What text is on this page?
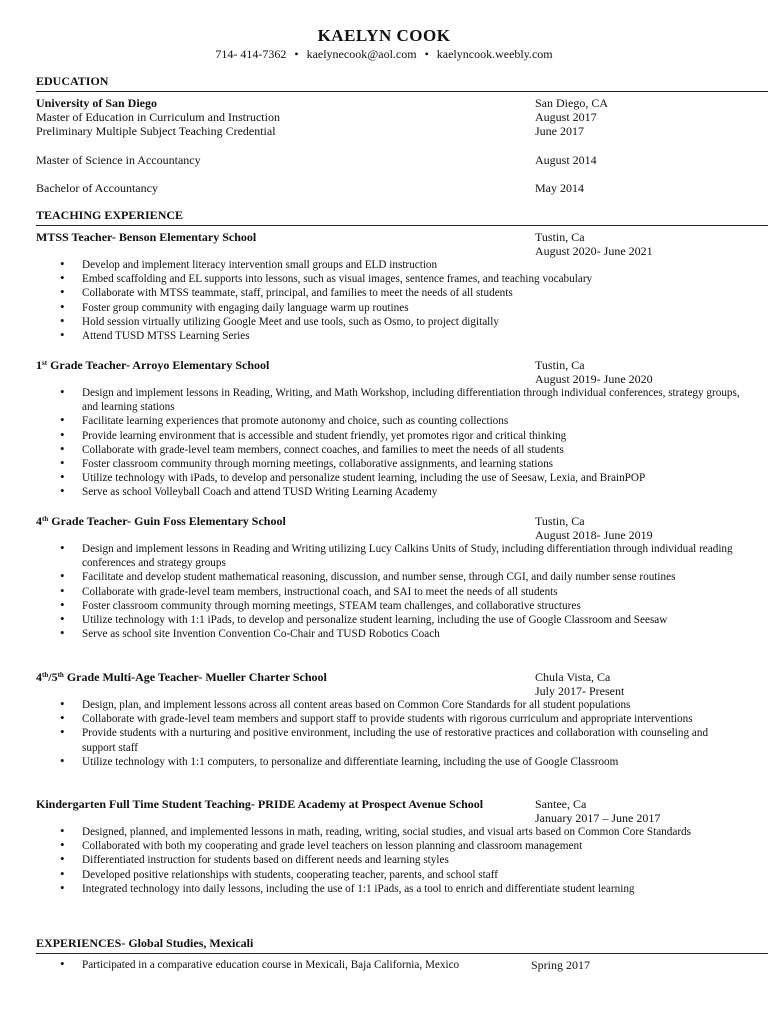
KAELYN COOK
714- 414-7362 • kaelynecook@aol.com • kaelyncook.weebly.com
EDUCATION
University of San Diego	San Diego, CA
Master of Education in Curriculum and Instruction	August 2017
Preliminary Multiple Subject Teaching Credential	June 2017
Master of Science in Accountancy	August 2014
Bachelor of Accountancy	May 2014
TEACHING EXPERIENCE
MTSS Teacher- Benson Elementary School	Tustin, Ca
August 2020- June 2021
• Develop and implement literacy intervention small groups and ELD instruction
• Embed scaffolding and EL supports into lessons, such as visual images, sentence frames, and teaching vocabulary
• Collaborate with MTSS teammate, staff, principal, and families to meet the needs of all students
• Foster group community with engaging daily language warm up routines
• Hold session virtually utilizing Google Meet and use tools, such as Osmo, to project digitally
• Attend TUSD MTSS Learning Series
1st Grade Teacher- Arroyo Elementary School	Tustin, Ca
August 2019- June 2020
• Design and implement lessons in Reading, Writing, and Math Workshop, including differentiation through individual conferences, strategy groups, and learning stations
• Facilitate learning experiences that promote autonomy and choice, such as counting collections
• Provide learning environment that is accessible and student friendly, yet promotes rigor and critical thinking
• Collaborate with grade-level team members, connect coaches, and families to meet the needs of all students
• Foster classroom community through morning meetings, collaborative assignments, and learning stations
• Utilize technology with iPads, to develop and personalize student learning, including the use of Seesaw, Lexia, and BrainPOP
• Serve as school Volleyball Coach and attend TUSD Writing Learning Academy
4th Grade Teacher- Guin Foss Elementary School	Tustin, Ca
August 2018- June 2019
• Design and implement lessons in Reading and Writing utilizing Lucy Calkins Units of Study, including differentiation through individual reading conferences and strategy groups
• Facilitate and develop student mathematical reasoning, discussion, and number sense, through CGI, and daily number sense routines
• Collaborate with grade-level team members, instructional coach, and SAI to meet the needs of all students
• Foster classroom community through morning meetings, STEAM team challenges, and collaborative structures
• Utilize technology with 1:1 iPads, to develop and personalize student learning, including the use of Google Classroom and Seesaw
• Serve as school site Invention Convention Co-Chair and TUSD Robotics Coach
4th/5th Grade Multi-Age Teacher- Mueller Charter School	Chula Vista, Ca
July 2017- Present
• Design, plan, and implement lessons across all content areas based on Common Core Standards for all student populations
• Collaborate with grade-level team members and support staff to provide students with rigorous curriculum and appropriate interventions
• Provide students with a nurturing and positive environment, including the use of restorative practices and collaboration with counseling and support staff
• Utilize technology with 1:1 computers, to personalize and differentiate learning, including the use of Google Classroom
Kindergarten Full Time Student Teaching- PRIDE Academy at Prospect Avenue School	Santee, Ca
January 2017 – June 2017
• Designed, planned, and implemented lessons in math, reading, writing, social studies, and visual arts based on Common Core Standards
• Collaborated with both my cooperating and grade level teachers on lesson planning and classroom management
• Differentiated instruction for students based on different needs and learning styles
• Developed positive relationships with students, cooperating teacher, parents, and school staff
• Integrated technology into daily lessons, including the use of 1:1 iPads, as a tool to enrich and differentiate student learning
EXPERIENCES- Global Studies, Mexicali
• Participated in a comparative education course in Mexicali, Baja California, Mexico	Spring 2017
